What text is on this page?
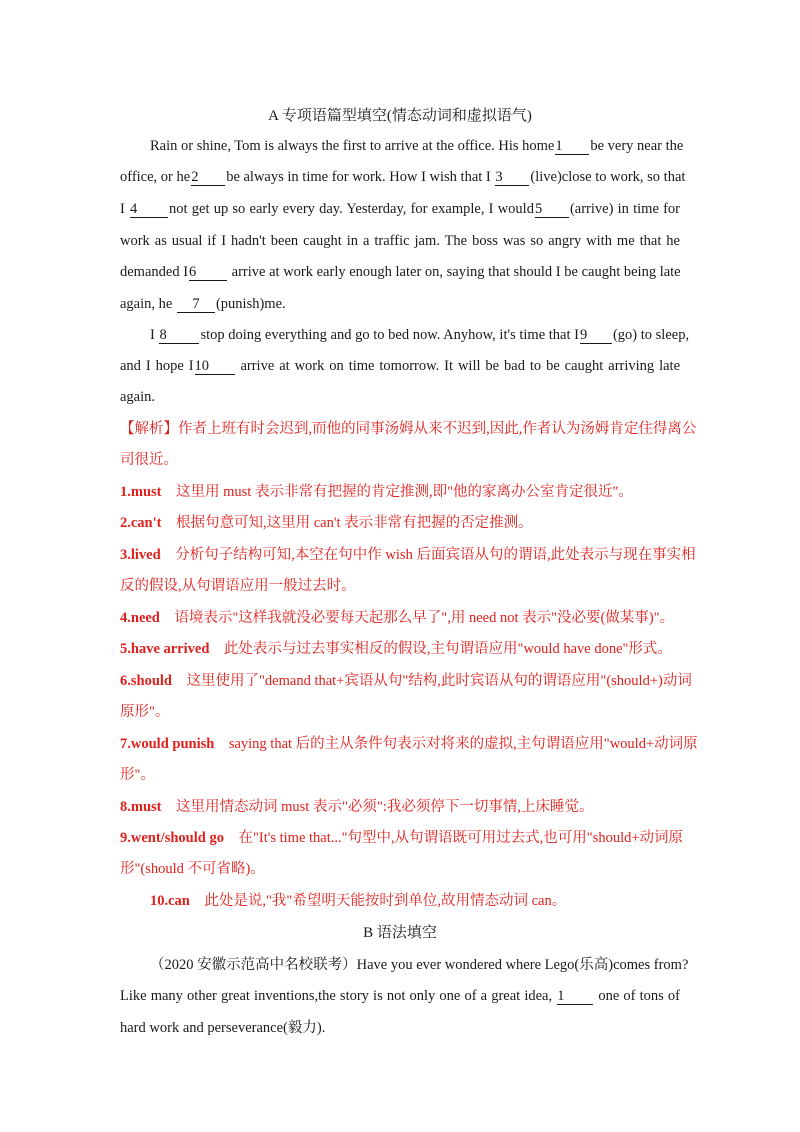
A 专项语篇型填空(情态动词和虚拟语气)
Rain or shine, Tom is always the first to arrive at the office. His home1 be very near the
office, or he2 be always in time for work. How I wish that I 3 (live)close to work, so that
I 4 not get up so early every day. Yesterday, for example, I would5 (arrive) in time for
work as usual if I hadn't been caught in a traffic jam. The boss was so angry with me that he
demanded I6 arrive at work early enough later on, saying that should I be caught being late
again, he 7 (punish)me.
I 8 stop doing everything and go to bed now. Anyhow, it's time that I9 (go) to sleep,
and I hope I10 arrive at work on time tomorrow. It will be bad to be caught arriving late
again.
【解析】作者上班有时会迟到,而他的同事汤姆从来不迟到,因此,作者认为汤姆肯定住得离公
司很近。
1.must 这里用 must 表示非常有把握的肯定推测,即"他的家离办公室肯定很近"。
2.can't 根据句意可知,这里用 can't 表示非常有把握的否定推测。
3.lived 分析句子结构可知,本空在句中作 wish 后面宾语从句的谓语,此处表示与现在事实相
反的假设,从句谓语应用一般过去时。
4.need 语境表示"这样我就没必要每天起那么早了",用 need not 表示"没必要(做某事)"。
5.have arrived 此处表示与过去事实相反的假设,主句谓语应用"would have done"形式。
6.should 这里使用了"demand that+宾语从句"结构,此时宾语从句的谓语应用"(should+)动词
原形"。
7.would punish saying that 后的主从条件句表示对将来的虚拟,主句谓语应用"would+动词原
形"。
8.must 这里用情态动词 must 表示"必须":我必须停下一切事情,上床睡觉。
9.went/should go 在"It's time that..."句型中,从句谓语既可用过去式,也可用"should+动词原
形"(should 不可省略)。
10.can 此处是说,"我"希望明天能按时到单位,故用情态动词 can。
B 语法填空
（2020 安徽示范高中名校联考）Have you ever wondered where Lego(乐高)comes from?
Like many other great inventions,the story is not only one of a great idea, 1 one of tons of
hard work and perseverance(毅力).
